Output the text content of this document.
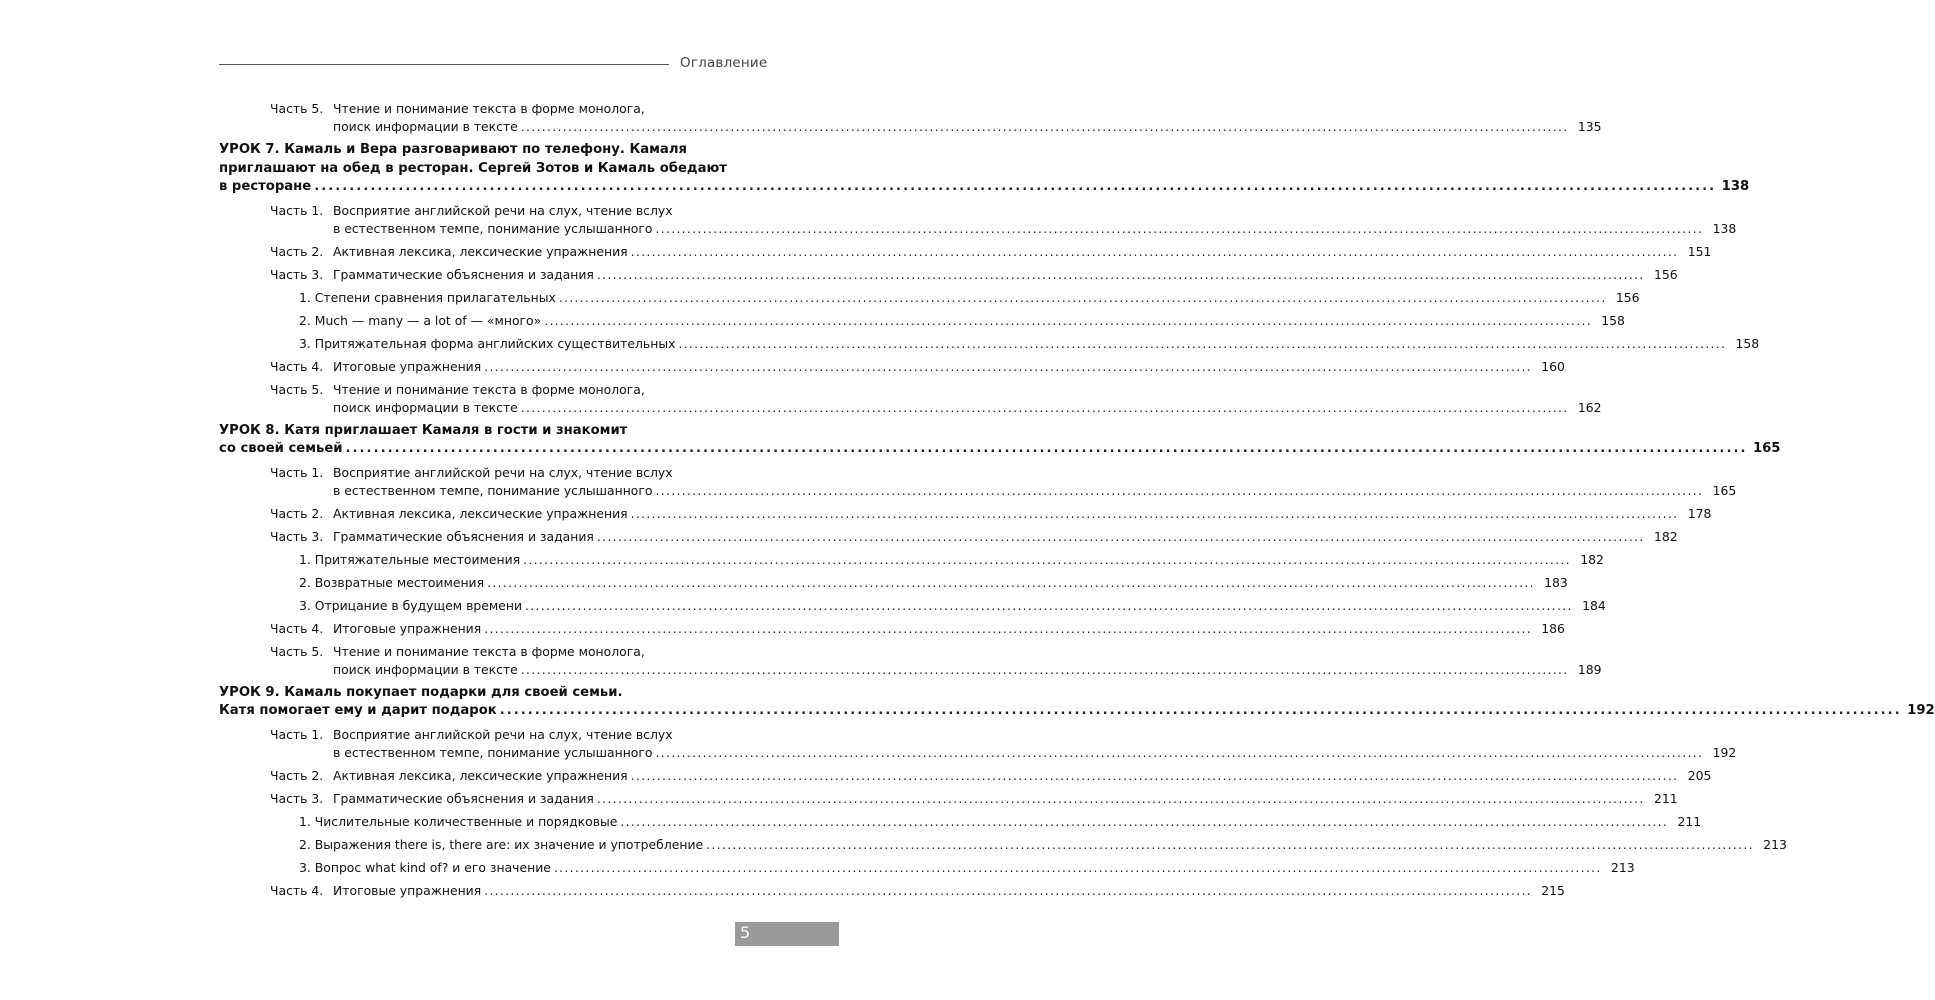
Оглавление
Часть 5. Чтение и понимание текста в форме монолога,
поиск информации в тексте ........................................................................................................................................................................................................ 135
УРОК 7. Камаль и Вера разговаривают по телефону. Камаля
приглашают на обед в ресторан. Сергей Зотов и Камаль обедают
в ресторане ........................................................................................................................................................................................................ 138
Часть 1. Восприятие английской речи на слух, чтение вслух
в естественном темпе, понимание услышанного ........................................................................................................................................................................................................ 138
Часть 2. Активная лексика, лексические упражнения ........................................................................................................................................................................................................ 151
Часть 3. Грамматические объяснения и задания ........................................................................................................................................................................................................ 156
1. Степени сравнения прилагательных ........................................................................................................................................................................................................ 156
2. Much — many — a lot of — «много» ........................................................................................................................................................................................................ 158
3. Притяжательная форма английских существительных ........................................................................................................................................................................................................ 158
Часть 4. Итоговые упражнения ........................................................................................................................................................................................................ 160
Часть 5. Чтение и понимание текста в форме монолога,
поиск информации в тексте ........................................................................................................................................................................................................ 162
УРОК 8. Катя приглашает Камаля в гости и знакомит
со своей семьей ........................................................................................................................................................................................................ 165
Часть 1. Восприятие английской речи на слух, чтение вслух
в естественном темпе, понимание услышанного ........................................................................................................................................................................................................ 165
Часть 2. Активная лексика, лексические упражнения ........................................................................................................................................................................................................ 178
Часть 3. Грамматические объяснения и задания ........................................................................................................................................................................................................ 182
1. Притяжательные местоимения ........................................................................................................................................................................................................ 182
2. Возвратные местоимения ........................................................................................................................................................................................................ 183
3. Отрицание в будущем времени ........................................................................................................................................................................................................ 184
Часть 4. Итоговые упражнения ........................................................................................................................................................................................................ 186
Часть 5. Чтение и понимание текста в форме монолога,
поиск информации в тексте ........................................................................................................................................................................................................ 189
УРОК 9. Камаль покупает подарки для своей семьи.
Катя помогает ему и дарит подарок ........................................................................................................................................................................................................ 192
Часть 1. Восприятие английской речи на слух, чтение вслух
в естественном темпе, понимание услышанного ........................................................................................................................................................................................................ 192
Часть 2. Активная лексика, лексические упражнения ........................................................................................................................................................................................................ 205
Часть 3. Грамматические объяснения и задания ........................................................................................................................................................................................................ 211
1. Числительные количественные и порядковые ........................................................................................................................................................................................................ 211
2. Выражения there is, there are: их значение и употребление ........................................................................................................................................................................................................ 213
3. Вопрос what kind of? и его значение ........................................................................................................................................................................................................ 213
Часть 4. Итоговые упражнения ........................................................................................................................................................................................................ 215
5
